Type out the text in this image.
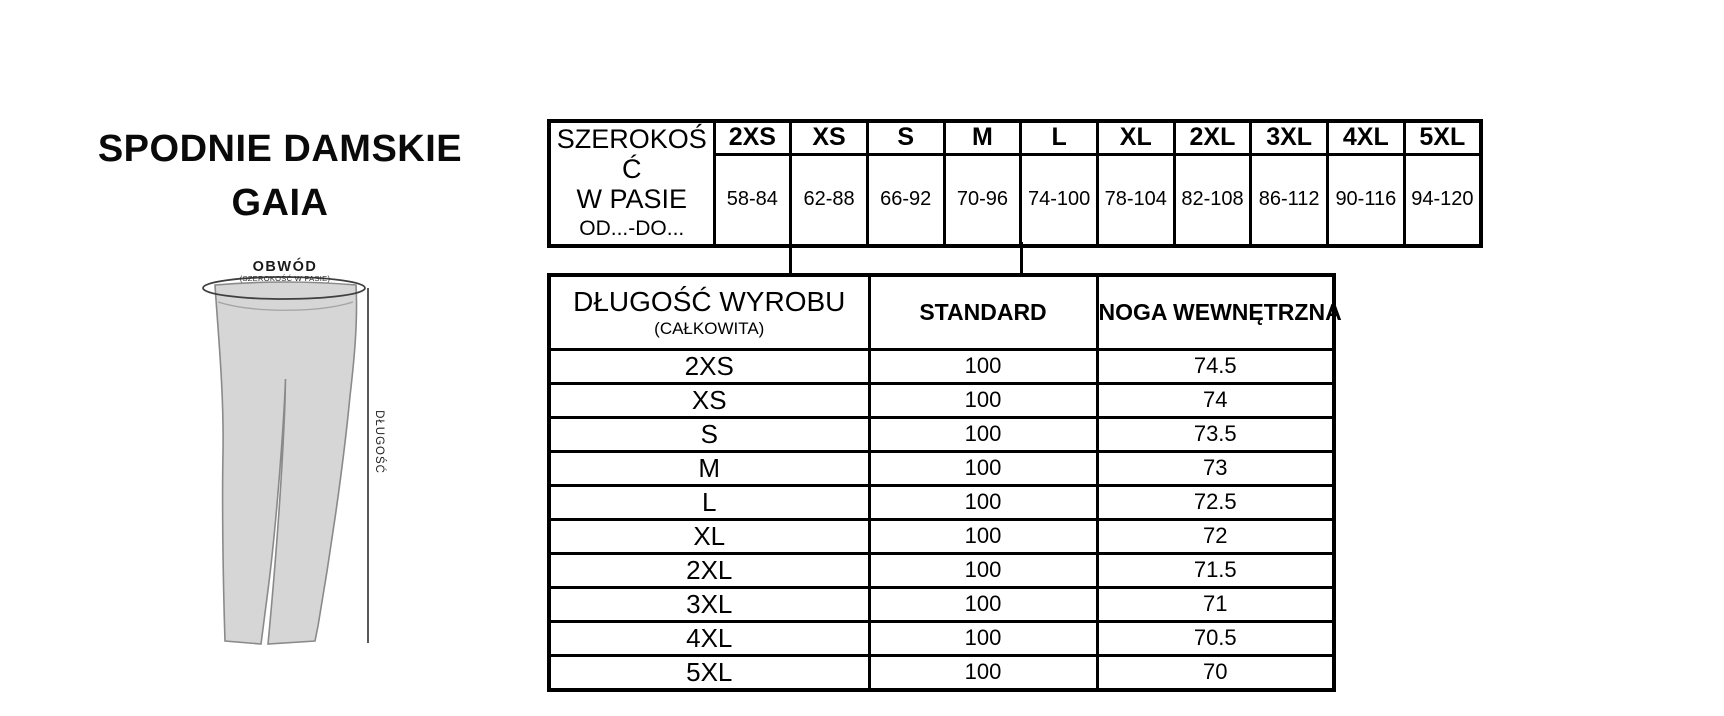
SPODNIE DAMSKIE
GAIA
OBWÓD
(SZEROKOŚĆ W PASIE)
DŁUGOŚĆ
SZEROKOŚ
Ć
W PASIE
OD...-DO...	2XS	XS	S	M	L	XL	2XL	3XL	4XL	5XL
	58-84	62-88	66-92	70-96	74-100	78-104	82-108	86-112	90-116	94-120
DŁUGOŚĆ WYROBU
(CAŁKOWITA)	STANDARD	NOGA WEWNĘTRZNA
2XS	100	74.5
XS	100	74
S	100	73.5
M	100	73
L	100	72.5
XL	100	72
2XL	100	71.5
3XL	100	71
4XL	100	70.5
5XL	100	70
